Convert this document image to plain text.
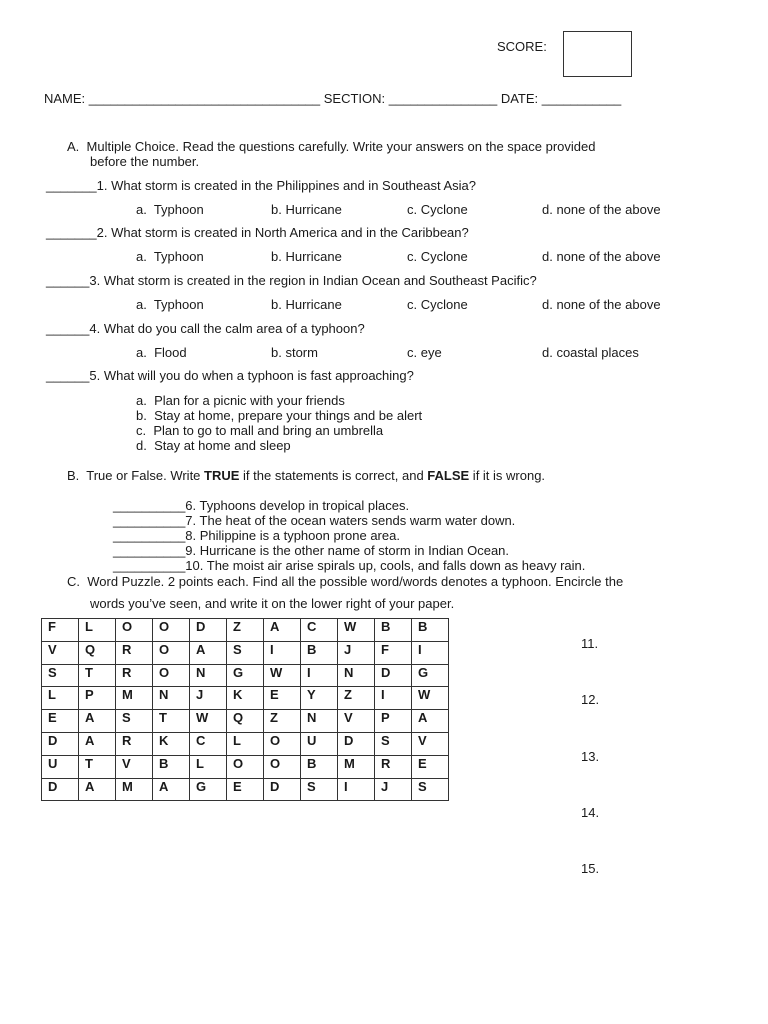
SCORE:
NAME: ________________________________ SECTION: _______________ DATE: ___________
A.  Multiple Choice. Read the questions carefully. Write your answers on the space provided
before the number.
_______1. What storm is created in the Philippines and in Southeast Asia?
a.  Typhoon	b. Hurricane	c. Cyclone	d. none of the above
_______2. What storm is created in North America and in the Caribbean?
a.  Typhoon	b. Hurricane	c. Cyclone	d. none of the above
______3. What storm is created in the region in Indian Ocean and Southeast Pacific?
a.  Typhoon	b. Hurricane	c. Cyclone	d. none of the above
______4. What do you call the calm area of a typhoon?
a.  Flood	b. storm	c. eye	d. coastal places
______5. What will you do when a typhoon is fast approaching?
a.  Plan for a picnic with your friends
b.  Stay at home, prepare your things and be alert
c.  Plan to go to mall and bring an umbrella
d.  Stay at home and sleep
B.  True or False. Write TRUE if the statements is correct, and FALSE if it is wrong.
__________6. Typhoons develop in tropical places.
__________7. The heat of the ocean waters sends warm water down.
__________8. Philippine is a typhoon prone area.
__________9. Hurricane is the other name of storm in Indian Ocean.
__________10. The moist air arise spirals up, cools, and falls down as heavy rain.
C.  Word Puzzle. 2 points each. Find all the possible word/words denotes a typhoon. Encircle the
words you’ve seen, and write it on the lower right of your paper.
F	L	O	O	D	Z	A	C	W	B	B
V	Q	R	O	A	S	I	B	J	F	I
S	T	R	O	N	G	W	I	N	D	G
L	P	M	N	J	K	E	Y	Z	I	W
E	A	S	T	W	Q	Z	N	V	P	A
D	A	R	K	C	L	O	U	D	S	V
U	T	V	B	L	O	O	B	M	R	E
D	A	M	A	G	E	D	S	I	J	S
11.
12.
13.
14.
15.
